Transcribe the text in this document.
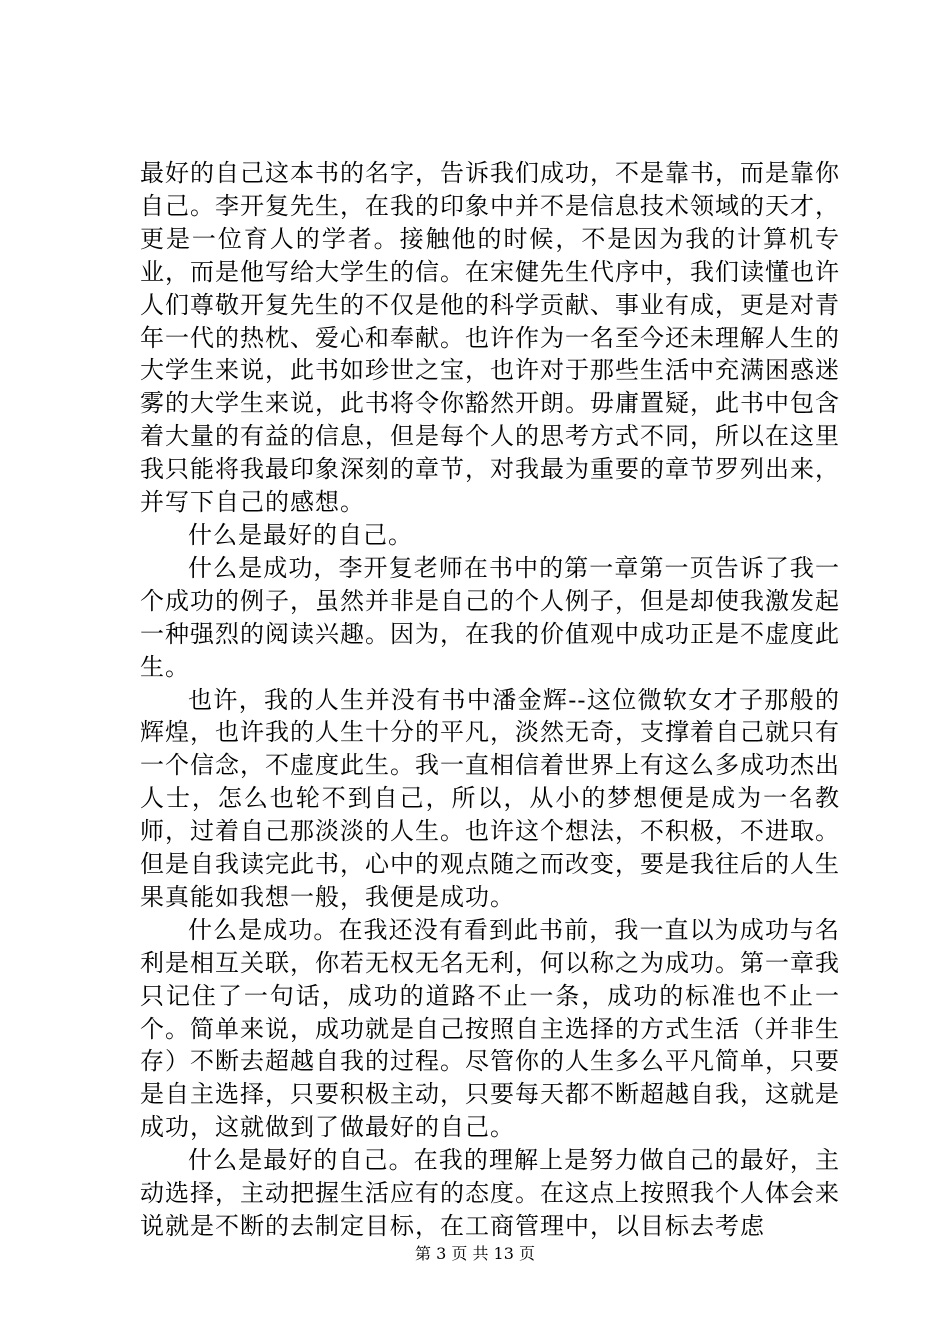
最好的自己这本书的名字，告诉我们成功，不是靠书，而是靠你自己。李开复先生，在我的印象中并不是信息技术领域的天才，更是一位育人的学者。接触他的时候，不是因为我的计算机专业，而是他写给大学生的信。在宋健先生代序中，我们读懂也许人们尊敬开复先生的不仅是他的科学贡献、事业有成，更是对青年一代的热枕、爱心和奉献。也许作为一名至今还未理解人生的大学生来说，此书如珍世之宝，也许对于那些生活中充满困惑迷雾的大学生来说，此书将令你豁然开朗。毋庸置疑，此书中包含着大量的有益的信息，但是每个人的思考方式不同，所以在这里我只能将我最印象深刻的章节，对我最为重要的章节罗列出来，并写下自己的感想。

什么是最好的自己。

什么是成功，李开复老师在书中的第一章第一页告诉了我一个成功的例子，虽然并非是自己的个人例子，但是却使我激发起一种强烈的阅读兴趣。因为，在我的价值观中成功正是不虚度此生。

也许，我的人生并没有书中潘金辉--这位微软女才子那般的辉煌，也许我的人生十分的平凡，淡然无奇，支撑着自己就只有一个信念，不虚度此生。我一直相信着世界上有这么多成功杰出人士，怎么也轮不到自己，所以，从小的梦想便是成为一名教师，过着自己那淡淡的人生。也许这个想法，不积极，不进取。但是自我读完此书，心中的观点随之而改变，要是我往后的人生果真能如我想一般，我便是成功。

什么是成功。在我还没有看到此书前，我一直以为成功与名利是相互关联，你若无权无名无利，何以称之为成功。第一章我只记住了一句话，成功的道路不止一条，成功的标准也不止一个。简单来说，成功就是自己按照自主选择的方式生活（并非生存）不断去超越自我的过程。尽管你的人生多么平凡简单，只要是自主选择，只要积极主动，只要每天都不断超越自我，这就是成功，这就做到了做最好的自己。

什么是最好的自己。在我的理解上是努力做自己的最好，主动选择，主动把握生活应有的态度。在这点上按照我个人体会来说就是不断的去制定目标，在工商管理中，以目标去考虑

第 3 页 共 13 页
